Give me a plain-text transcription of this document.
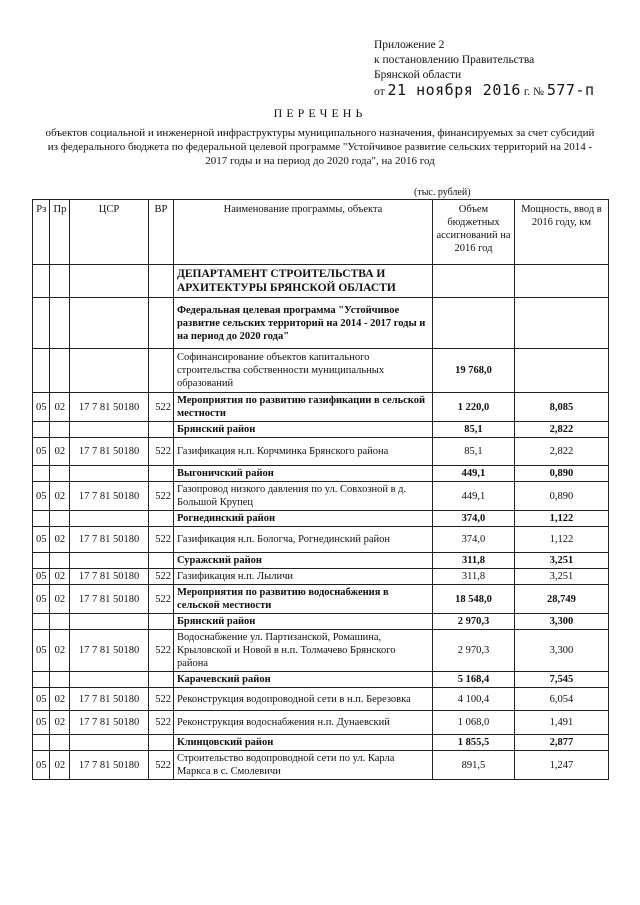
Приложение 2
к постановлению Правительства
Брянской области
от 21 ноября 2016 г. № 577-п
ПЕРЕЧЕНЬ
объектов социальной и инженерной инфраструктуры муниципального назначения, финансируемых за счет субсидий из федерального бюджета по федеральной целевой программе "Устойчивое развитие сельских территорий на 2014 - 2017 годы и на период до 2020 года", на 2016 год
(тыс. рублей)
Рз	Пр	ЦСР	ВР	Наименование программы, объекта	Объем бюджетных ассигнований на 2016 год	Мощность, ввод в 2016 году, км
				ДЕПАРТАМЕНТ СТРОИТЕЛЬСТВА И АРХИТЕКТУРЫ БРЯНСКОЙ ОБЛАСТИ		
				Федеральная целевая программа "Устойчивое развитие сельских территорий на 2014 - 2017 годы и на период до 2020 года"		
				Софинансирование объектов капитального строительства собственности муниципальных образований	19 768,0	
05	02	17 7 81 50180	522	Мероприятия по развитию газификации в сельской местности	1 220,0	8,085
				Брянский район	85,1	2,822
05	02	17 7 81 50180	522	Газификация н.п. Корчминка Брянского района	85,1	2,822
				Выгоничский район	449,1	0,890
05	02	17 7 81 50180	522	Газопровод низкого давления по ул. Совхозной в д. Большой Крупец	449,1	0,890
				Рогнединский район	374,0	1,122
05	02	17 7 81 50180	522	Газификация н.п. Бологча, Рогнединский район	374,0	1,122
				Суражский район	311,8	3,251
05	02	17 7 81 50180	522	Газификация н.п. Лыличи	311,8	3,251
05	02	17 7 81 50180	522	Мероприятия по развитию водоснабжения в сельской местности	18 548,0	28,749
				Брянский район	2 970,3	3,300
05	02	17 7 81 50180	522	Водоснабжение ул. Партизанской, Ромашина, Крыловской и Новой в н.п. Толмачево Брянского района	2 970,3	3,300
				Карачевский район	5 168,4	7,545
05	02	17 7 81 50180	522	Реконструкция водопроводной сети в н.п. Березовка	4 100,4	6,054
05	02	17 7 81 50180	522	Реконструкция водоснабжения н.п. Дунаевский	1 068,0	1,491
				Клинцовский район	1 855,5	2,877
05	02	17 7 81 50180	522	Строительство водопроводной сети по ул. Карла Маркса в с. Смолевичи	891,5	1,247
